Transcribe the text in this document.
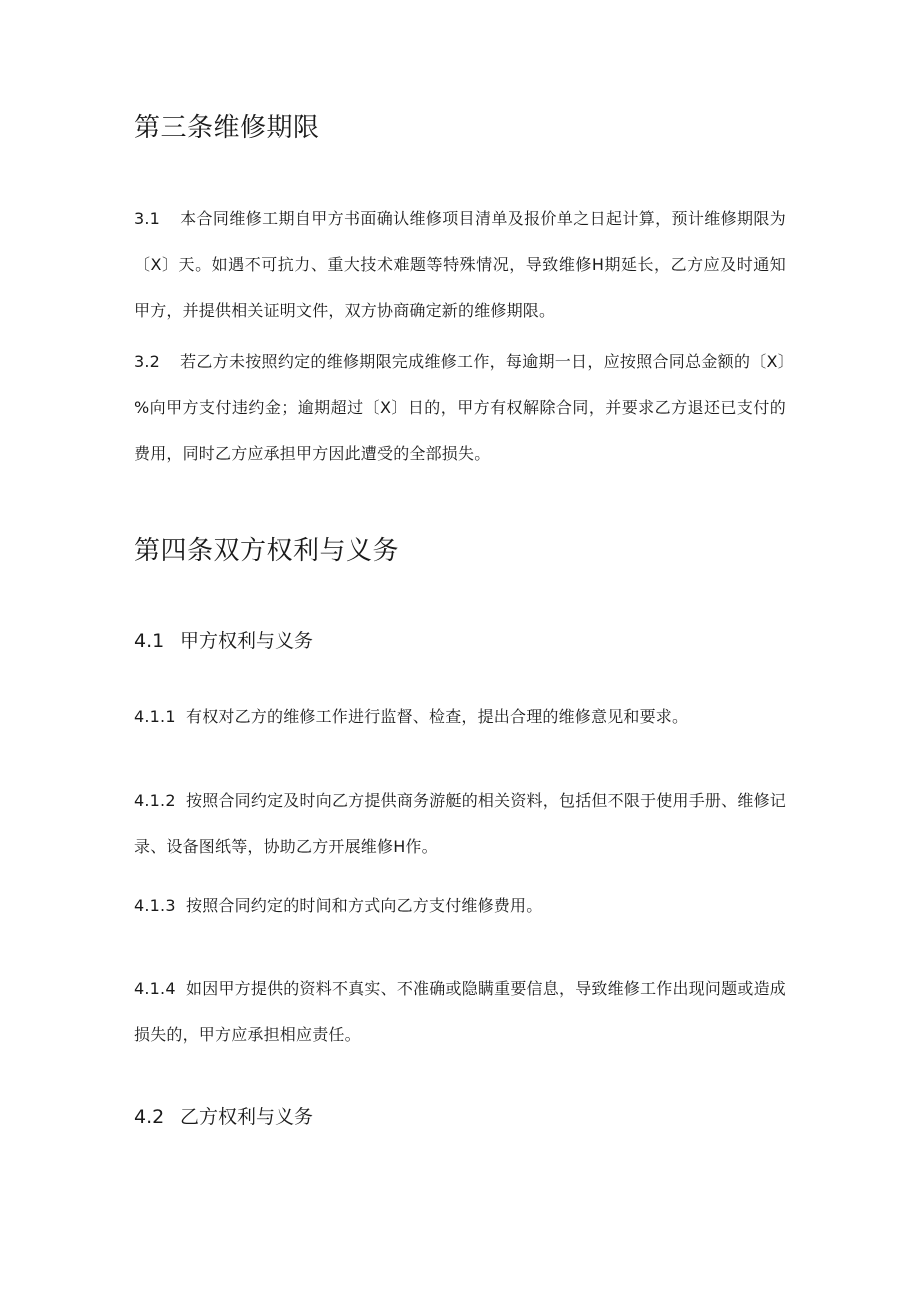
第三条维修期限

3.1 本合同维修工期自甲方书面确认维修项目清单及报价单之日起计算，预计维修期限为〔X〕天。如遇不可抗力、重大技术难题等特殊情况，导致维修H期延长，乙方应及时通知甲方，并提供相关证明文件，双方协商确定新的维修期限。

3.2 若乙方未按照约定的维修期限完成维修工作，每逾期一日，应按照合同总金额的〔X〕%向甲方支付违约金；逾期超过〔X〕日的，甲方有权解除合同，并要求乙方退还已支付的费用，同时乙方应承担甲方因此遭受的全部损失。

第四条双方权利与义务
4.1 甲方权利与义务

4.1.1 有权对乙方的维修工作进行监督、检查，提出合理的维修意见和要求。

4.1.2 按照合同约定及时向乙方提供商务游艇的相关资料，包括但不限于使用手册、维修记录、设备图纸等，协助乙方开展维修H作。

4.1.3 按照合同约定的时间和方式向乙方支付维修费用。

4.1.4 如因甲方提供的资料不真实、不准确或隐瞒重要信息，导致维修工作出现问题或造成损失的，甲方应承担相应责任。

4.2 乙方权利与义务
